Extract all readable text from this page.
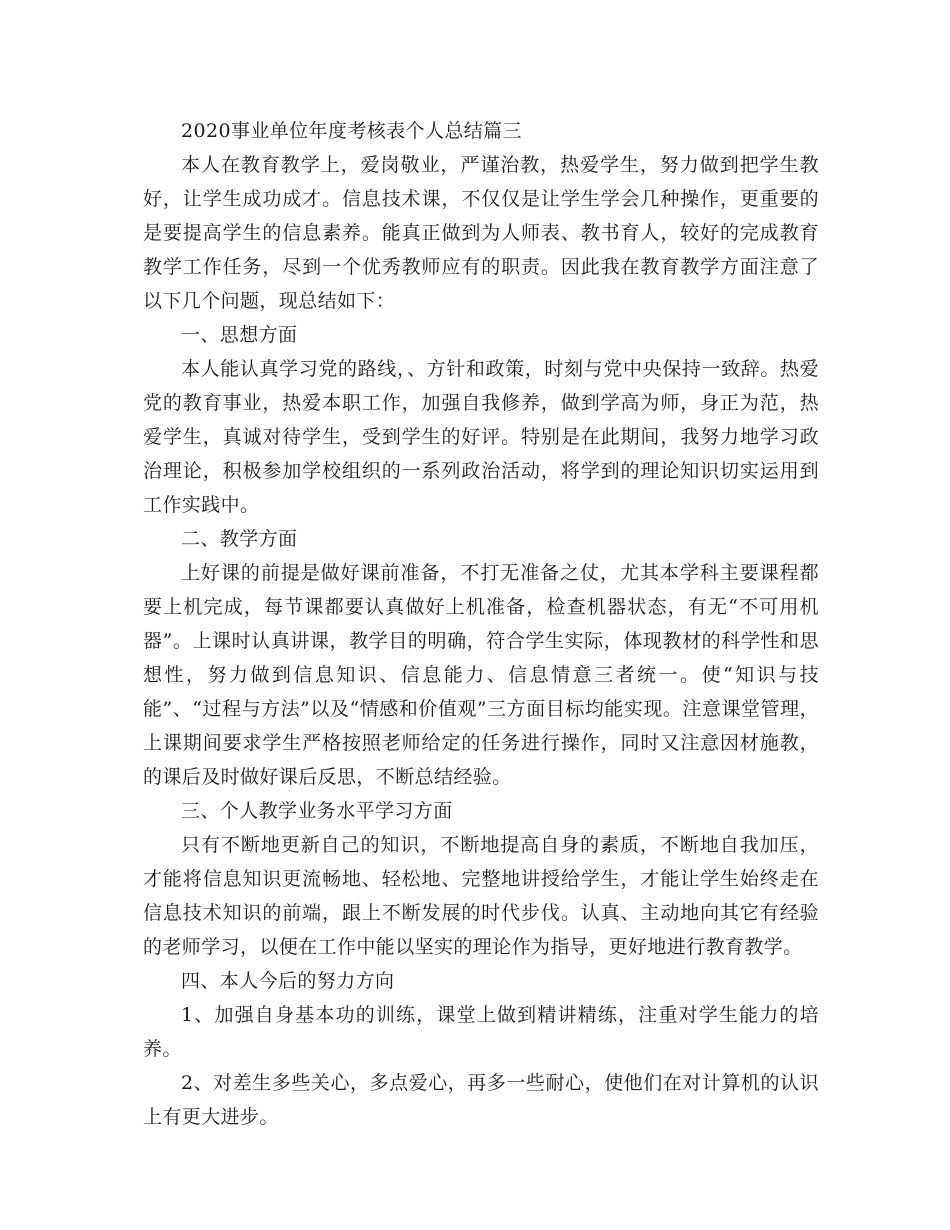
2020事业单位年度考核表个人总结篇三

本人在教育教学上，爱岗敬业，严谨治教，热爱学生，努力做到把学生教好，让学生成功成才。信息技术课，不仅仅是让学生学会几种操作，更重要的是要提高学生的信息素养。能真正做到为人师表、教书育人，较好的完成教育教学工作任务，尽到一个优秀教师应有的职责。因此我在教育教学方面注意了以下几个问题，现总结如下：

一、思想方面

本人能认真学习党的路线，、方针和政策，时刻与党中央保持一致辞。热爱党的教育事业，热爱本职工作，加强自我修养，做到学高为师，身正为范，热爱学生，真诚对待学生，受到学生的好评。特别是在此期间，我努力地学习政治理论，积极参加学校组织的一系列政治活动，将学到的理论知识切实运用到工作实践中。

二、教学方面

上好课的前提是做好课前准备，不打无准备之仗，尤其本学科主要课程都要上机完成，每节课都要认真做好上机准备，检查机器状态，有无“不可用机器”。上课时认真讲课，教学目的明确，符合学生实际，体现教材的科学性和思想性，努力做到信息知识、信息能力、信息情意三者统一。使“知识与技能”、“过程与方法”以及“情感和价值观”三方面目标均能实现。注意课堂管理，上课期间要求学生严格按照老师给定的任务进行操作，同时又注意因材施教，的课后及时做好课后反思，不断总结经验。

三、个人教学业务水平学习方面

只有不断地更新自己的知识，不断地提高自身的素质，不断地自我加压，才能将信息知识更流畅地、轻松地、完整地讲授给学生，才能让学生始终走在信息技术知识的前端，跟上不断发展的时代步伐。认真、主动地向其它有经验的老师学习，以便在工作中能以坚实的理论作为指导，更好地进行教育教学。

四、本人今后的努力方向

1、加强自身基本功的训练，课堂上做到精讲精练，注重对学生能力的培养。

2、对差生多些关心，多点爱心，再多一些耐心，使他们在对计算机的认识上有更大进步。
